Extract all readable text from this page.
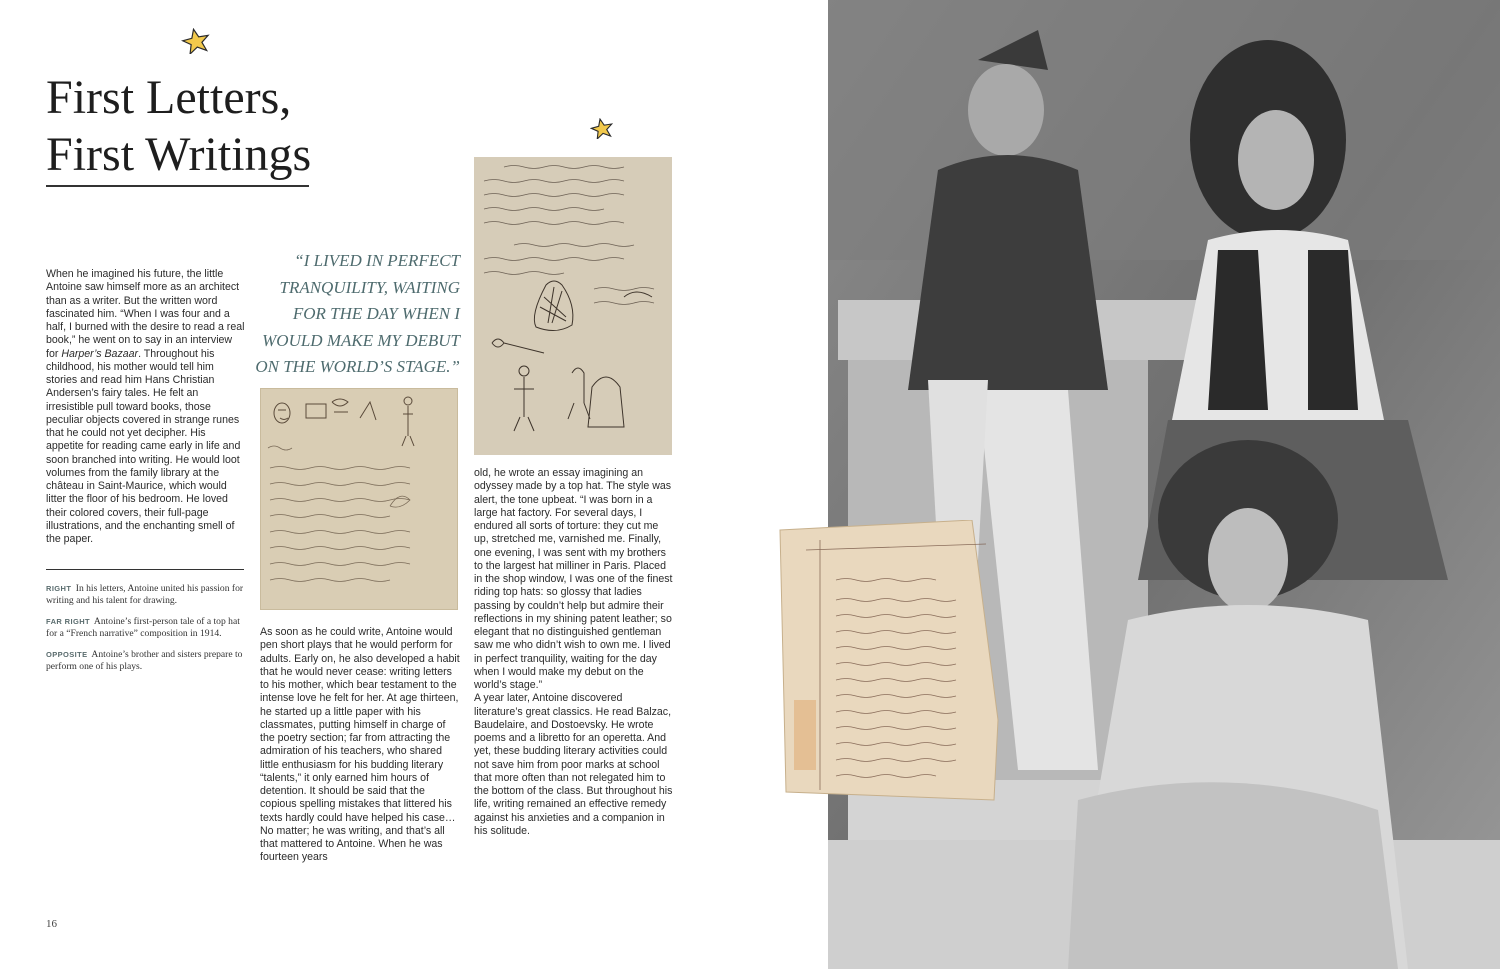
First Letters,
First Writings

When he imagined his future, the little Antoine saw himself more as an architect than as a writer. But the written word fascinated him. “When I was four and a half, I burned with the desire to read a real book,” he went on to say in an interview for Harper’s Bazaar. Throughout his childhood, his mother would tell him stories and read him Hans Christian Andersen’s fairy tales. He felt an irresistible pull toward books, those peculiar objects covered in strange runes that he could not yet decipher. His appetite for reading came early in life and soon branched into writing. He would loot volumes from the family library at the château in Saint-Maurice, which would litter the floor of his bedroom. He loved their colored covers, their full-page illustrations, and the enchanting smell of the paper.

RIGHT In his letters, Antoine united his passion for writing and his talent for drawing.

FAR RIGHT Antoine’s first-person tale of a top hat for a “French narrative” composition in 1914.

OPPOSITE Antoine’s brother and sisters prepare to perform one of his plays.

“I LIVED IN PERFECT TRANQUILITY, WAITING FOR THE DAY WHEN I WOULD MAKE MY DEBUT ON THE WORLD’S STAGE.”

As soon as he could write, Antoine would pen short plays that he would perform for adults. Early on, he also developed a habit that he would never cease: writing letters to his mother, which bear testament to the intense love he felt for her. At age thirteen, he started up a little paper with his classmates, putting himself in charge of the poetry section; far from attracting the admiration of his teachers, who shared little enthusiasm for his budding literary “talents,” it only earned him hours of detention. It should be said that the copious spelling mistakes that littered his texts hardly could have helped his case… No matter; he was writing, and that’s all that mattered to Antoine. When he was fourteen years

old, he wrote an essay imagining an odyssey made by a top hat. The style was alert, the tone upbeat. “I was born in a large hat factory. For several days, I endured all sorts of torture: they cut me up, stretched me, varnished me. Finally, one evening, I was sent with my brothers to the largest hat milliner in Paris. Placed in the shop window, I was one of the finest riding top hats: so glossy that ladies passing by couldn’t help but admire their reflections in my shining patent leather; so elegant that no distinguished gentleman saw me who didn’t wish to own me. I lived in perfect tranquility, waiting for the day when I would make my debut on the world’s stage.”

A year later, Antoine discovered literature’s great classics. He read Balzac, Baudelaire, and Dostoevsky. He wrote poems and a libretto for an operetta. And yet, these budding literary activities could not save him from poor marks at school that more often than not relegated him to the bottom of the class. But throughout his life, writing remained an effective remedy against his anxieties and a companion in his solitude.

16
